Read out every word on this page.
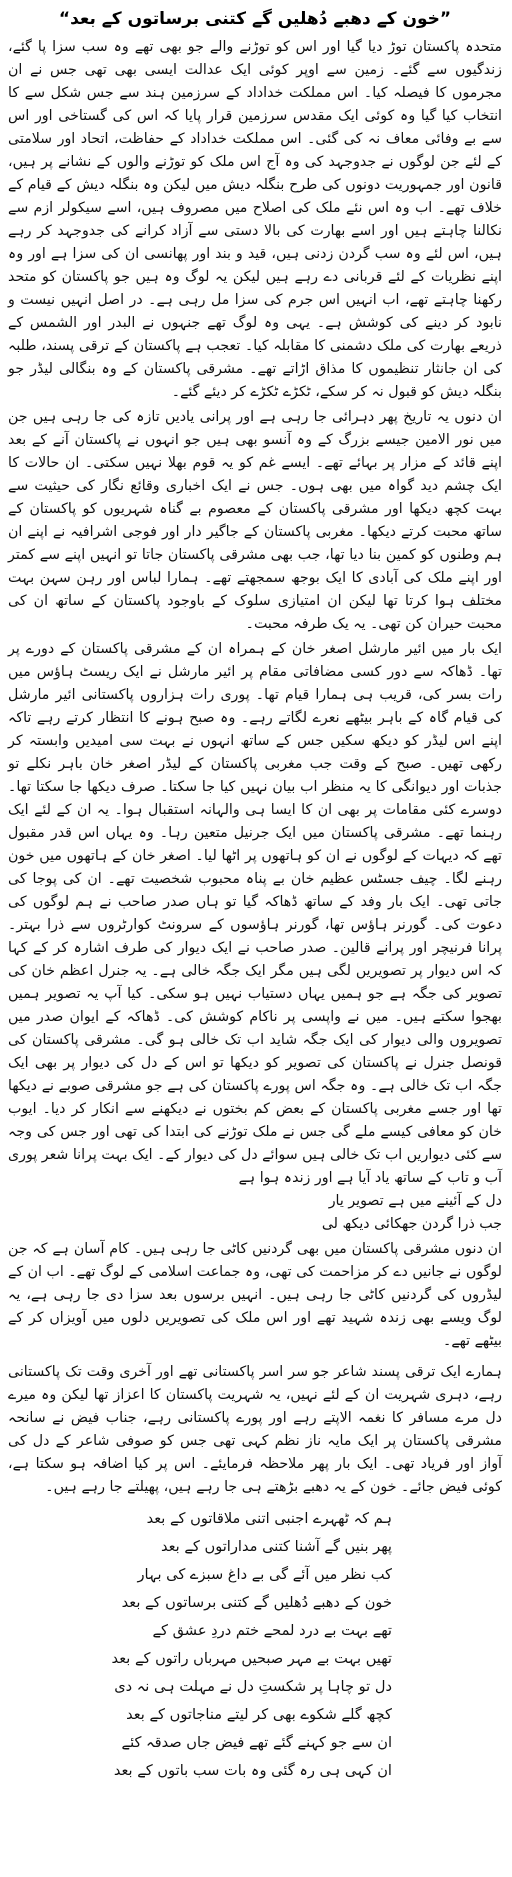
”خون کے دھبے دُھلیں گے کتنی برساتوں کے بعد“

متحدہ پاکستان توڑ دیا گیا اور اس کو توڑنے والے جو بھی تھے وہ سب سزا پا گئے، زندگیوں سے گئے۔ زمین سے اوپر کوئی ایک عدالت ایسی بھی تھی جس نے ان مجرموں کا فیصلہ کیا۔ اس مملکت خداداد کے سرزمین ہند سے جس شکل سے کا انتخاب کیا گیا وہ کوئی ایک مقدس سرزمین قرار پایا کہ اس کی گستاخی اور اس سے بے وفائی معاف نہ کی گئی۔ اس مملکت خداداد کے حفاظت، اتحاد اور سلامتی کے لئے جن لوگوں نے جدوجہد کی وہ آج اس ملک کو توڑنے والوں کے نشانے پر ہیں، قانون اور جمہوریت دونوں کی طرح بنگلہ دیش میں لیکن وہ بنگلہ دیش کے قیام کے خلاف تھے۔ اب وہ اس نئے ملک کی اصلاح میں مصروف ہیں، اسے سیکولر ازم سے نکالنا چاہتے ہیں اور اسے بھارت کی بالا دستی سے آزاد کرانے کی جدوجہد کر رہے ہیں، اس لئے وہ سب گردن زدنی ہیں، قید و بند اور پھانسی ان کی سزا ہے اور وہ اپنے نظریات کے لئے قربانی دے رہے ہیں لیکن یہ لوگ وہ ہیں جو پاکستان کو متحد رکھنا چاہتے تھے، اب انہیں اس جرم کی سزا مل رہی ہے۔ در اصل انہیں نیست و نابود کر دینے کی کوشش ہے۔ یہی وہ لوگ تھے جنہوں نے البدر اور الشمس کے ذریعے بھارت کی ملک دشمنی کا مقابلہ کیا۔ تعجب ہے پاکستان کے ترقی پسند، طلبہ کی ان جانثار تنظیموں کا مذاق اڑاتے تھے۔ مشرقی پاکستان کے وہ بنگالی لیڈر جو بنگلہ دیش کو قبول نہ کر سکے، ٹکڑے ٹکڑے کر دیئے گئے۔

ان دنوں یہ تاریخ پھر دہرائی جا رہی ہے اور پرانی یادیں تازہ کی جا رہی ہیں جن میں نور الامین جیسے بزرگ کے وہ آنسو بھی ہیں جو انہوں نے پاکستان آنے کے بعد اپنے قائد کے مزار پر بہائے تھے۔ ایسے غم کو یہ قوم بھلا نہیں سکتی۔ ان حالات کا ایک چشم دید گواہ میں بھی ہوں۔ جس نے ایک اخباری وقائع نگار کی حیثیت سے بہت کچھ دیکھا اور مشرقی پاکستان کے معصوم بے گناہ شہریوں کو پاکستان کے ساتھ محبت کرتے دیکھا۔ مغربی پاکستان کے جاگیر دار اور فوجی اشرافیہ نے اپنے ان ہم وطنوں کو کمین بنا دیا تھا، جب بھی مشرقی پاکستان جاتا تو انہیں اپنے سے کمتر اور اپنے ملک کی آبادی کا ایک بوجھ سمجھتے تھے۔ ہمارا لباس اور رہن سہن بہت مختلف ہوا کرتا تھا لیکن ان امتیازی سلوک کے باوجود پاکستان کے ساتھ ان کی محبت حیران کن تھی۔ یہ یک طرفہ محبت۔

ایک بار میں ائیر مارشل اصغر خان کے ہمراہ ان کے مشرقی پاکستان کے دورے پر تھا۔ ڈھاکہ سے دور کسی مضافاتی مقام پر ائیر مارشل نے ایک ریسٹ ہاؤس میں رات بسر کی، قریب ہی ہمارا قیام تھا۔ پوری رات ہزاروں پاکستانی ائیر مارشل کی قیام گاہ کے باہر بیٹھے نعرے لگاتے رہے۔ وہ صبح ہونے کا انتظار کرتے رہے تاکہ اپنے اس لیڈر کو دیکھ سکیں جس کے ساتھ انہوں نے بہت سی امیدیں وابستہ کر رکھی تھیں۔ صبح کے وقت جب مغربی پاکستان کے لیڈر اصغر خان باہر نکلے تو جذبات اور دیوانگی کا یہ منظر اب بیان نہیں کیا جا سکتا۔ صرف دیکھا جا سکتا تھا۔ دوسرے کئی مقامات پر بھی ان کا ایسا ہی والہانہ استقبال ہوا۔ یہ ان کے لئے ایک رہنما تھے۔ مشرقی پاکستان میں ایک جرنیل متعین رہا۔ وہ یہاں اس قدر مقبول تھے کہ دیہات کے لوگوں نے ان کو ہاتھوں پر اٹھا لیا۔ اصغر خان کے ہاتھوں میں خون رہنے لگا۔ چیف جسٹس عظیم خان بے پناہ محبوب شخصیت تھے۔ ان کی پوجا کی جاتی تھی۔ ایک بار وفد کے ساتھ ڈھاکہ گیا تو ہاں صدر صاحب نے ہم لوگوں کی دعوت کی۔ گورنر ہاؤس تھا، گورنر ہاؤسوں کے سرونٹ کوارٹروں سے ذرا بہتر۔ پرانا فرنیچر اور پرانے قالین۔ صدر صاحب نے ایک دیوار کی طرف اشارہ کر کے کہا کہ اس دیوار پر تصویریں لگی ہیں مگر ایک جگہ خالی ہے۔ یہ جنرل اعظم خان کی تصویر کی جگہ ہے جو ہمیں یہاں دستیاب نہیں ہو سکی۔ کیا آپ یہ تصویر ہمیں بھجوا سکتے ہیں۔ میں نے واپسی پر ناکام کوشش کی۔ ڈھاکہ کے ایوان صدر میں تصویروں والی دیوار کی ایک جگہ شاید اب تک خالی ہو گی۔ مشرقی پاکستان کی قونصل جنرل نے پاکستان کی تصویر کو دیکھا تو اس کے دل کی دیوار پر بھی ایک جگہ اب تک خالی ہے۔ وہ جگہ اس پورے پاکستان کی ہے جو مشرقی صوبے نے دیکھا تھا اور جسے مغربی پاکستان کے بعض کم بختوں نے دیکھنے سے انکار کر دیا۔ ایوب خان کو معافی کیسے ملے گی جس نے ملک توڑنے کی ابتدا کی تھی اور جس کی وجہ سے کئی دیواریں اب تک خالی ہیں سوائے دل کی دیوار کے۔ ایک بہت پرانا شعر پوری آب و تاب کے ساتھ یاد آیا ہے اور زندہ ہوا ہے

دل کے آئینے میں ہے تصویر یار

جب ذرا گردن جھکائی دیکھ لی

ان دنوں مشرقی پاکستان میں بھی گردنیں کاٹی جا رہی ہیں۔ کام آسان ہے کہ جن لوگوں نے جانیں دے کر مزاحمت کی تھی، وہ جماعت اسلامی کے لوگ تھے۔ اب ان کے لیڈروں کی گردنیں کاٹی جا رہی ہیں۔ انہیں برسوں بعد سزا دی جا رہی ہے، یہ لوگ ویسے بھی زندہ شہید تھے اور اس ملک کی تصویریں دلوں میں آویزاں کر کے بیٹھے تھے۔

ہمارے ایک ترقی پسند شاعر جو سر اسر پاکستانی تھے اور آخری وقت تک پاکستانی رہے، دہری شہریت ان کے لئے نہیں، یہ شہریت پاکستان کا اعزاز تھا لیکن وہ میرے دل مرے مسافر کا نغمہ الاپتے رہے اور پورے پاکستانی رہے، جناب فیض نے سانحہ مشرقی پاکستان پر ایک مایہ ناز نظم کہی تھی جس کو صوفی شاعر کے دل کی آواز اور فریاد تھی۔ ایک بار پھر ملاحظہ فرمایئے۔ اس پر کیا اضافہ ہو سکتا ہے، کوئی فیض جائے۔ خون کے یہ دھبے بڑھتے ہی جا رہے ہیں، پھیلتے جا رہے ہیں۔

ہم کہ ٹھہرے اجنبی اتنی ملاقاتوں کے بعد
پھر بنیں گے آشنا کتنی مداراتوں کے بعد
کب نظر میں آئے گی بے داغ سبزے کی بہار
خون کے دھبے دُھلیں گے کتنی برساتوں کے بعد
تھے بہت بے درد لمحے ختم دردِ عشق کے
تھیں بہت بے مہر صبحیں مہرباں راتوں کے بعد
دل تو چاہا پر شکستِ دل نے مہلت ہی نہ دی
کچھ گلے شکوے بھی کر لیتے مناجاتوں کے بعد
ان سے جو کہنے گئے تھے فیض جاں صدقہ کئے
ان کہی ہی رہ گئی وہ بات سب باتوں کے بعد
